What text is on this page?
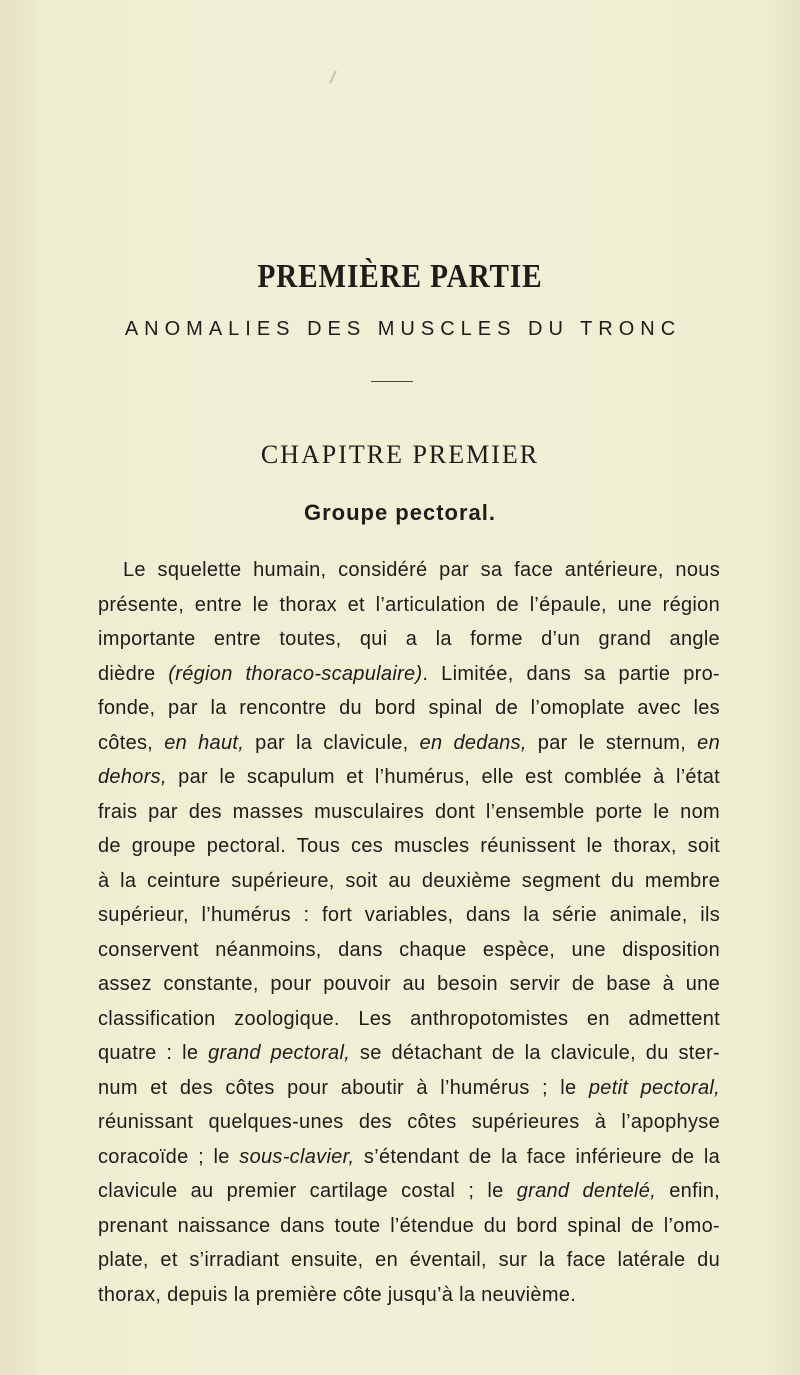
PREMIÈRE PARTIE
ANOMALIES DES MUSCLES DU TRONC
CHAPITRE PREMIER
Groupe pectoral.
Le squelette humain, considéré par sa face antérieure, nous
présente, entre le thorax et l’articulation de l’épaule, une région
importante entre toutes, qui a la forme d’un grand angle
dièdre (région thoraco-scapulaire). Limitée, dans sa partie pro-
fonde, par la rencontre du bord spinal de l’omoplate avec les
côtes, en haut, par la clavicule, en dedans, par le sternum, en
dehors, par le scapulum et l’humérus, elle est comblée à l’état
frais par des masses musculaires dont l’ensemble porte le nom
de groupe pectoral. Tous ces muscles réunissent le thorax, soit
à la ceinture supérieure, soit au deuxième segment du membre
supérieur, l’humérus : fort variables, dans la série animale, ils
conservent néanmoins, dans chaque espèce, une disposition
assez constante, pour pouvoir au besoin servir de base à une
classification zoologique. Les anthropotomistes en admettent
quatre : le grand pectoral, se détachant de la clavicule, du ster-
num et des côtes pour aboutir à l’humérus ; le petit pectoral,
réunissant quelques-unes des côtes supérieures à l’apophyse
coracoïde ; le sous-clavier, s’étendant de la face inférieure de la
clavicule au premier cartilage costal ; le grand dentelé, enfin,
prenant naissance dans toute l’étendue du bord spinal de l’omo-
plate, et s’irradiant ensuite, en éventail, sur la face latérale du
thorax, depuis la première côte jusqu’à la neuvième.
